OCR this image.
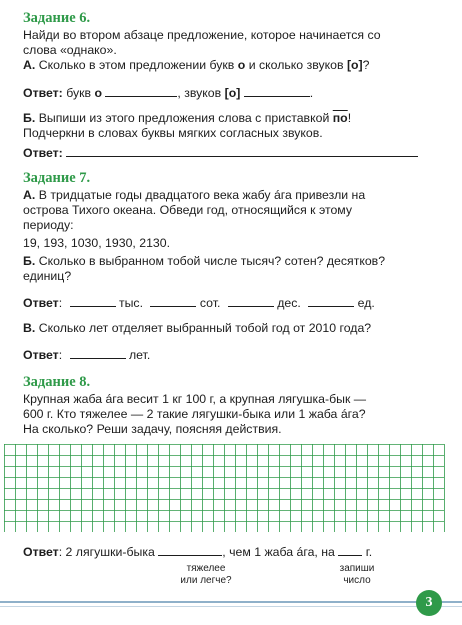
Задание 6.
Найди во втором абзаце предложение, которое начинается со
слова «однако».
А. Сколько в этом предложении букв о и сколько звуков [о]?
Ответ: букв о	, звуков [о]	.
Б. Выпиши из этого предложения слова с приставкой по!
Подчеркни в словах буквы мягких согласных звуков.
Ответ:
Задание 7.
А. В тридцатые годы двадцатого века жабу áга привезли на
острова Тихого океана. Обведи год, относящийся к этому
периоду:
19, 193, 1030, 1930, 2130.
Б. Сколько в выбранном тобой числе тысяч? сотен? десятков?
единиц?
Ответ:	тыс.	сот.	дес.	ед.
В. Сколько лет отделяет выбранный тобой год от 2010 года?
Ответ:	лет.
Задание 8.
Крупная жаба áга весит 1 кг 100 г, а крупная лягушка-бык —
600 г. Кто тяжелее — 2 такие лягушки-быка или 1 жаба áга?
На сколько? Реши задачу, поясняя действия.
Ответ: 2 лягушки-быка	, чем 1 жаба áга, на	г.
тяжелее
или легче?
запиши
число
3
